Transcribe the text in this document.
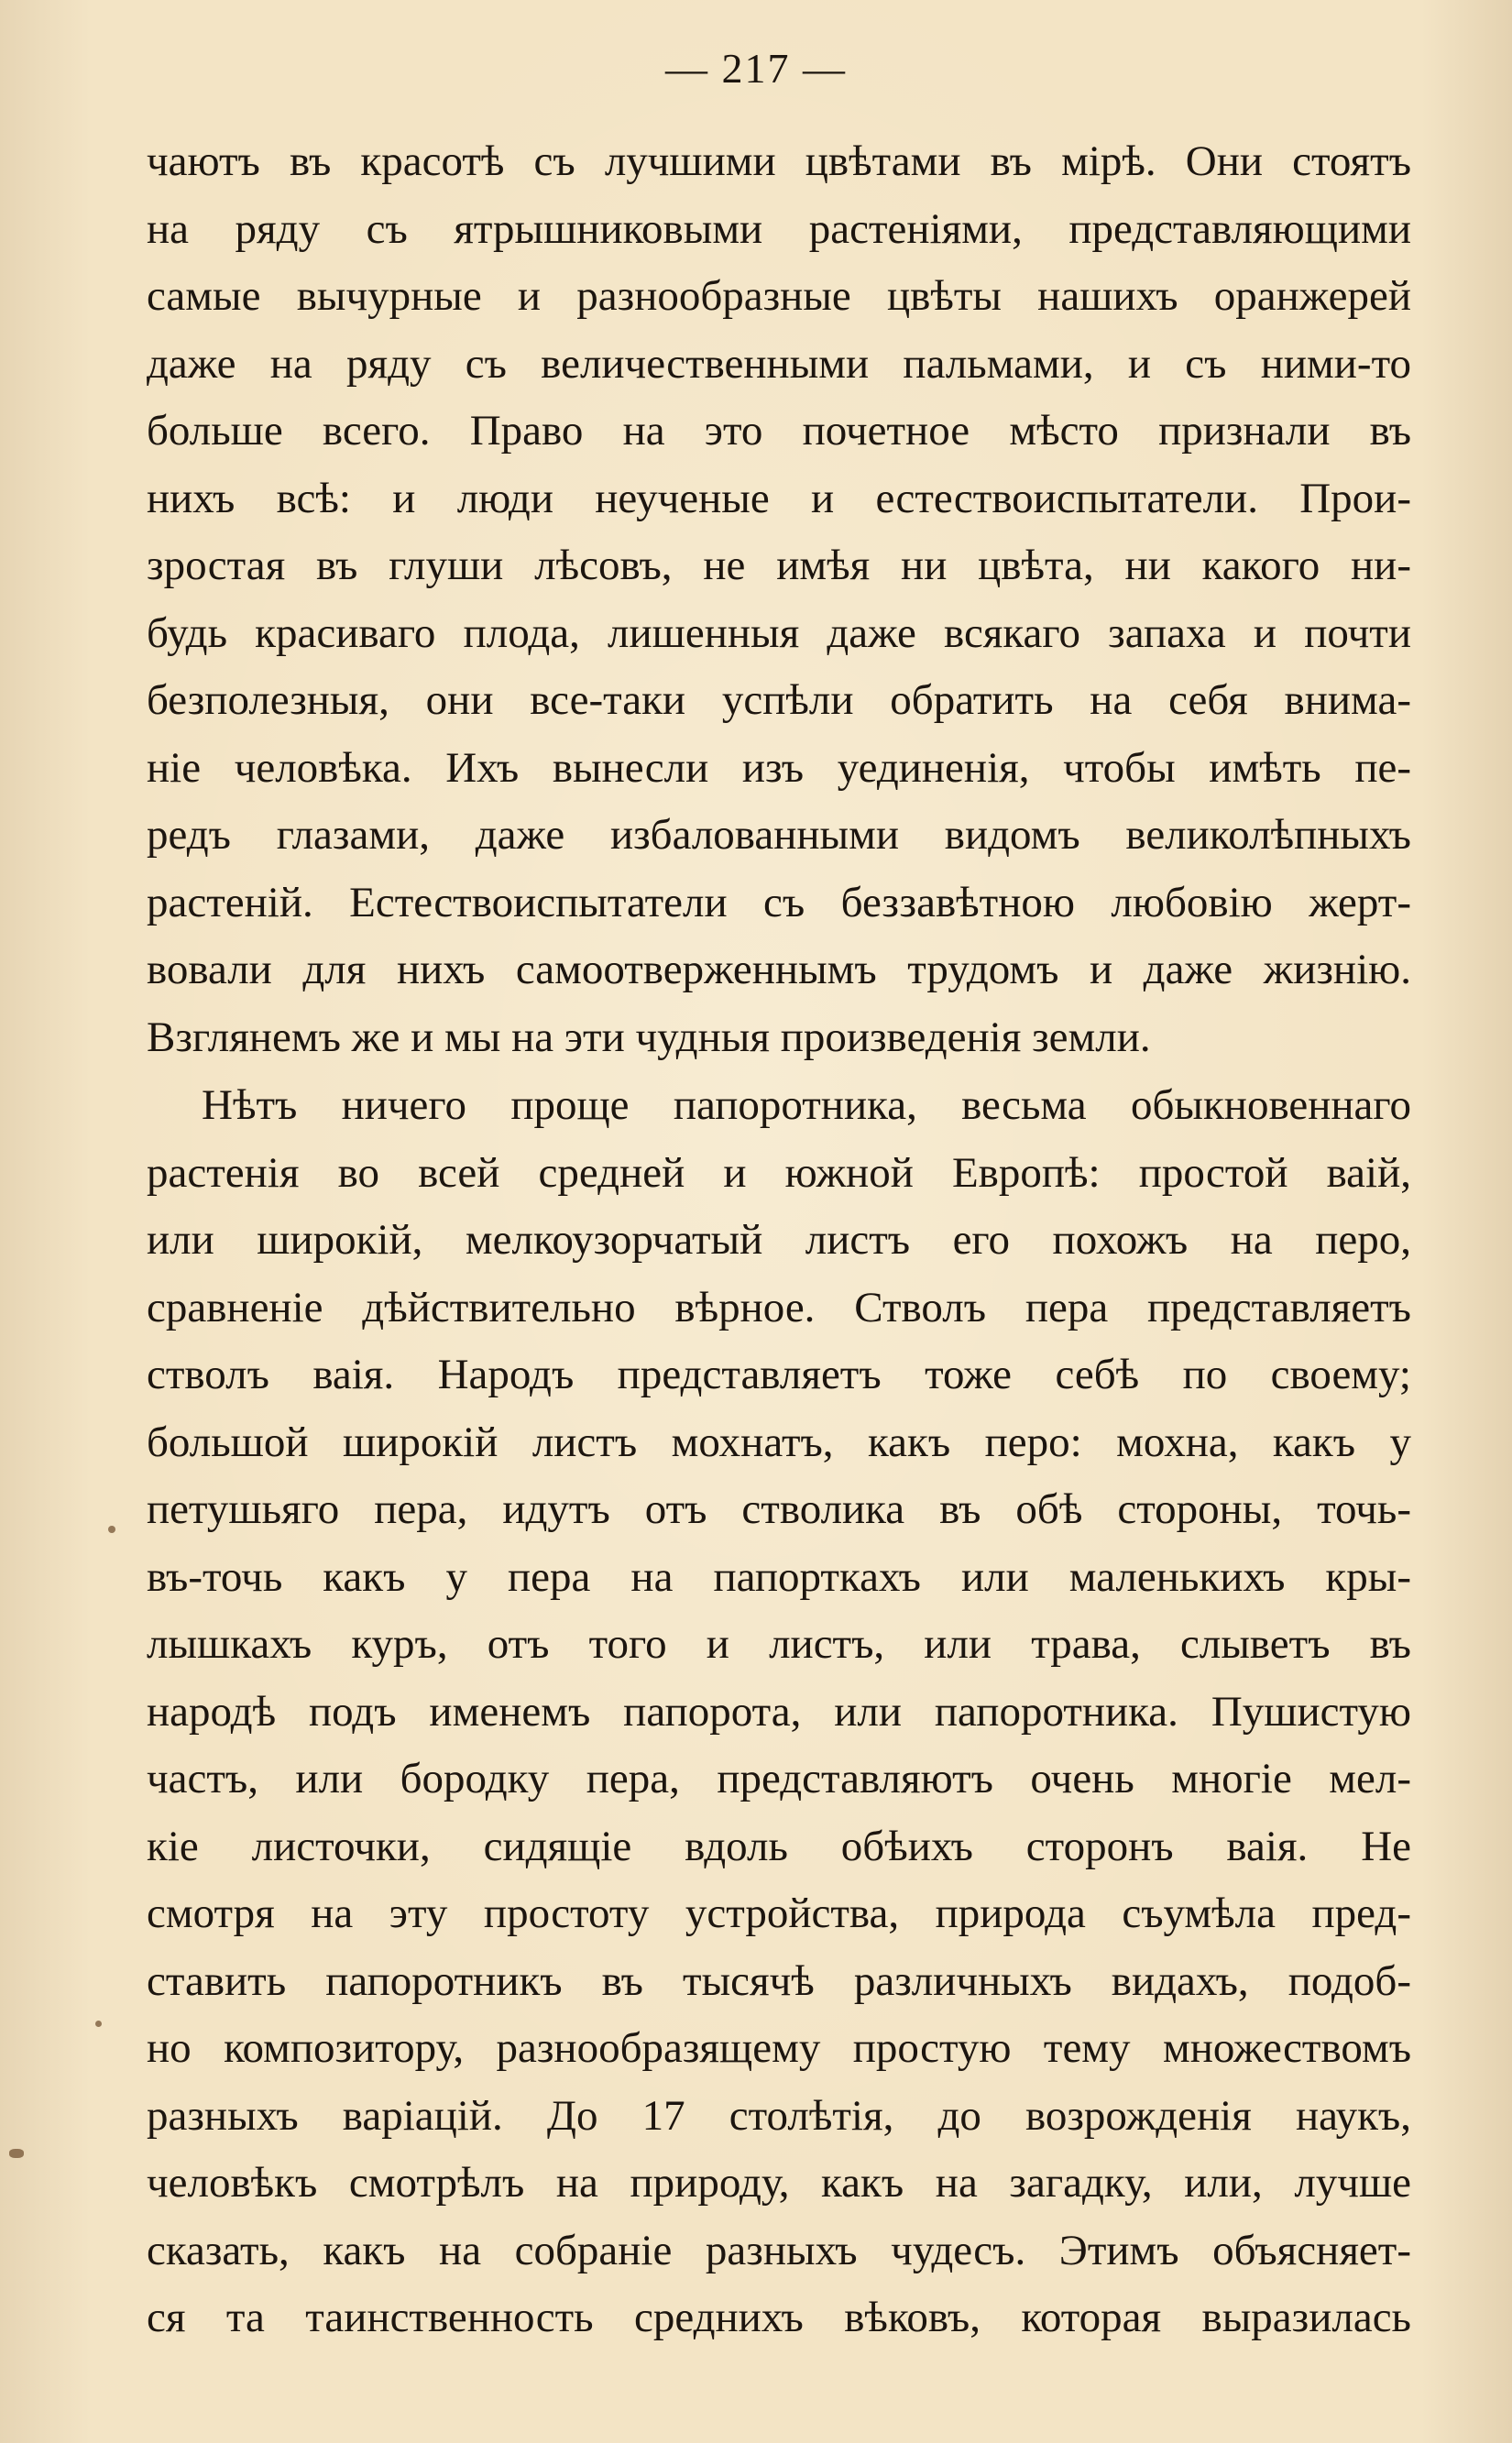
— 217 —
чаютъ въ красотѣ съ лучшими цвѣтами въ мірѣ. Они стоятъ
на ряду съ ятрышниковыми растеніями, представляющими
самые вычурные и разнообразные цвѣты нашихъ оранжерей
даже на ряду съ величественными пальмами, и съ ними-то
больше всего. Право на это почетное мѣсто признали въ
нихъ всѣ: и люди неученые и естествоиспытатели. Прои-
зростая въ глуши лѣсовъ, не имѣя ни цвѣта, ни какого ни-
будь красиваго плода, лишенныя даже всякаго запаха и почти
безполезныя, они все-таки успѣли обратить на себя внима-
ніе человѣка. Ихъ вынесли изъ уединенія, чтобы имѣть пе-
редъ глазами, даже избалованными видомъ великолѣпныхъ
растеній. Естествоиспытатели съ беззавѣтною любовію жерт-
вовали для нихъ самоотверженнымъ трудомъ и даже жизнію.
Взглянемъ же и мы на эти чудныя произведенія земли.
Нѣтъ ничего проще папоротника, весьма обыкновеннаго
растенія во всей средней и южной Европѣ: простой ваій,
или широкій, мелкоузорчатый листъ его похожъ на перо,
сравненіе дѣйствительно вѣрное. Стволъ пера представляетъ
стволъ ваія. Народъ представляетъ тоже себѣ по своему;
большой широкій листъ мохнатъ, какъ перо: мохна, какъ у
петушьяго пера, идутъ отъ стволика въ обѣ стороны, точь-
въ-точь какъ у пера на папорткахъ или маленькихъ кры-
лышкахъ куръ, отъ того и листъ, или трава, слыветъ въ
народѣ подъ именемъ папорота, или папоротника. Пушистую
частъ, или бородку пера, представляютъ очень многіе мел-
кіе листочки, сидящіе вдоль обѣихъ сторонъ ваія. Не
смотря на эту простоту устройства, природа съумѣла пред-
ставить папоротникъ въ тысячѣ различныхъ видахъ, подоб-
но композитору, разнообразящему простую тему множествомъ
разныхъ варіацій. До 17 столѣтія, до возрожденія наукъ,
человѣкъ смотрѣлъ на природу, какъ на загадку, или, лучше
сказать, какъ на собраніе разныхъ чудесъ. Этимъ объясняет-
ся та таинственность среднихъ вѣковъ, которая выразилась
